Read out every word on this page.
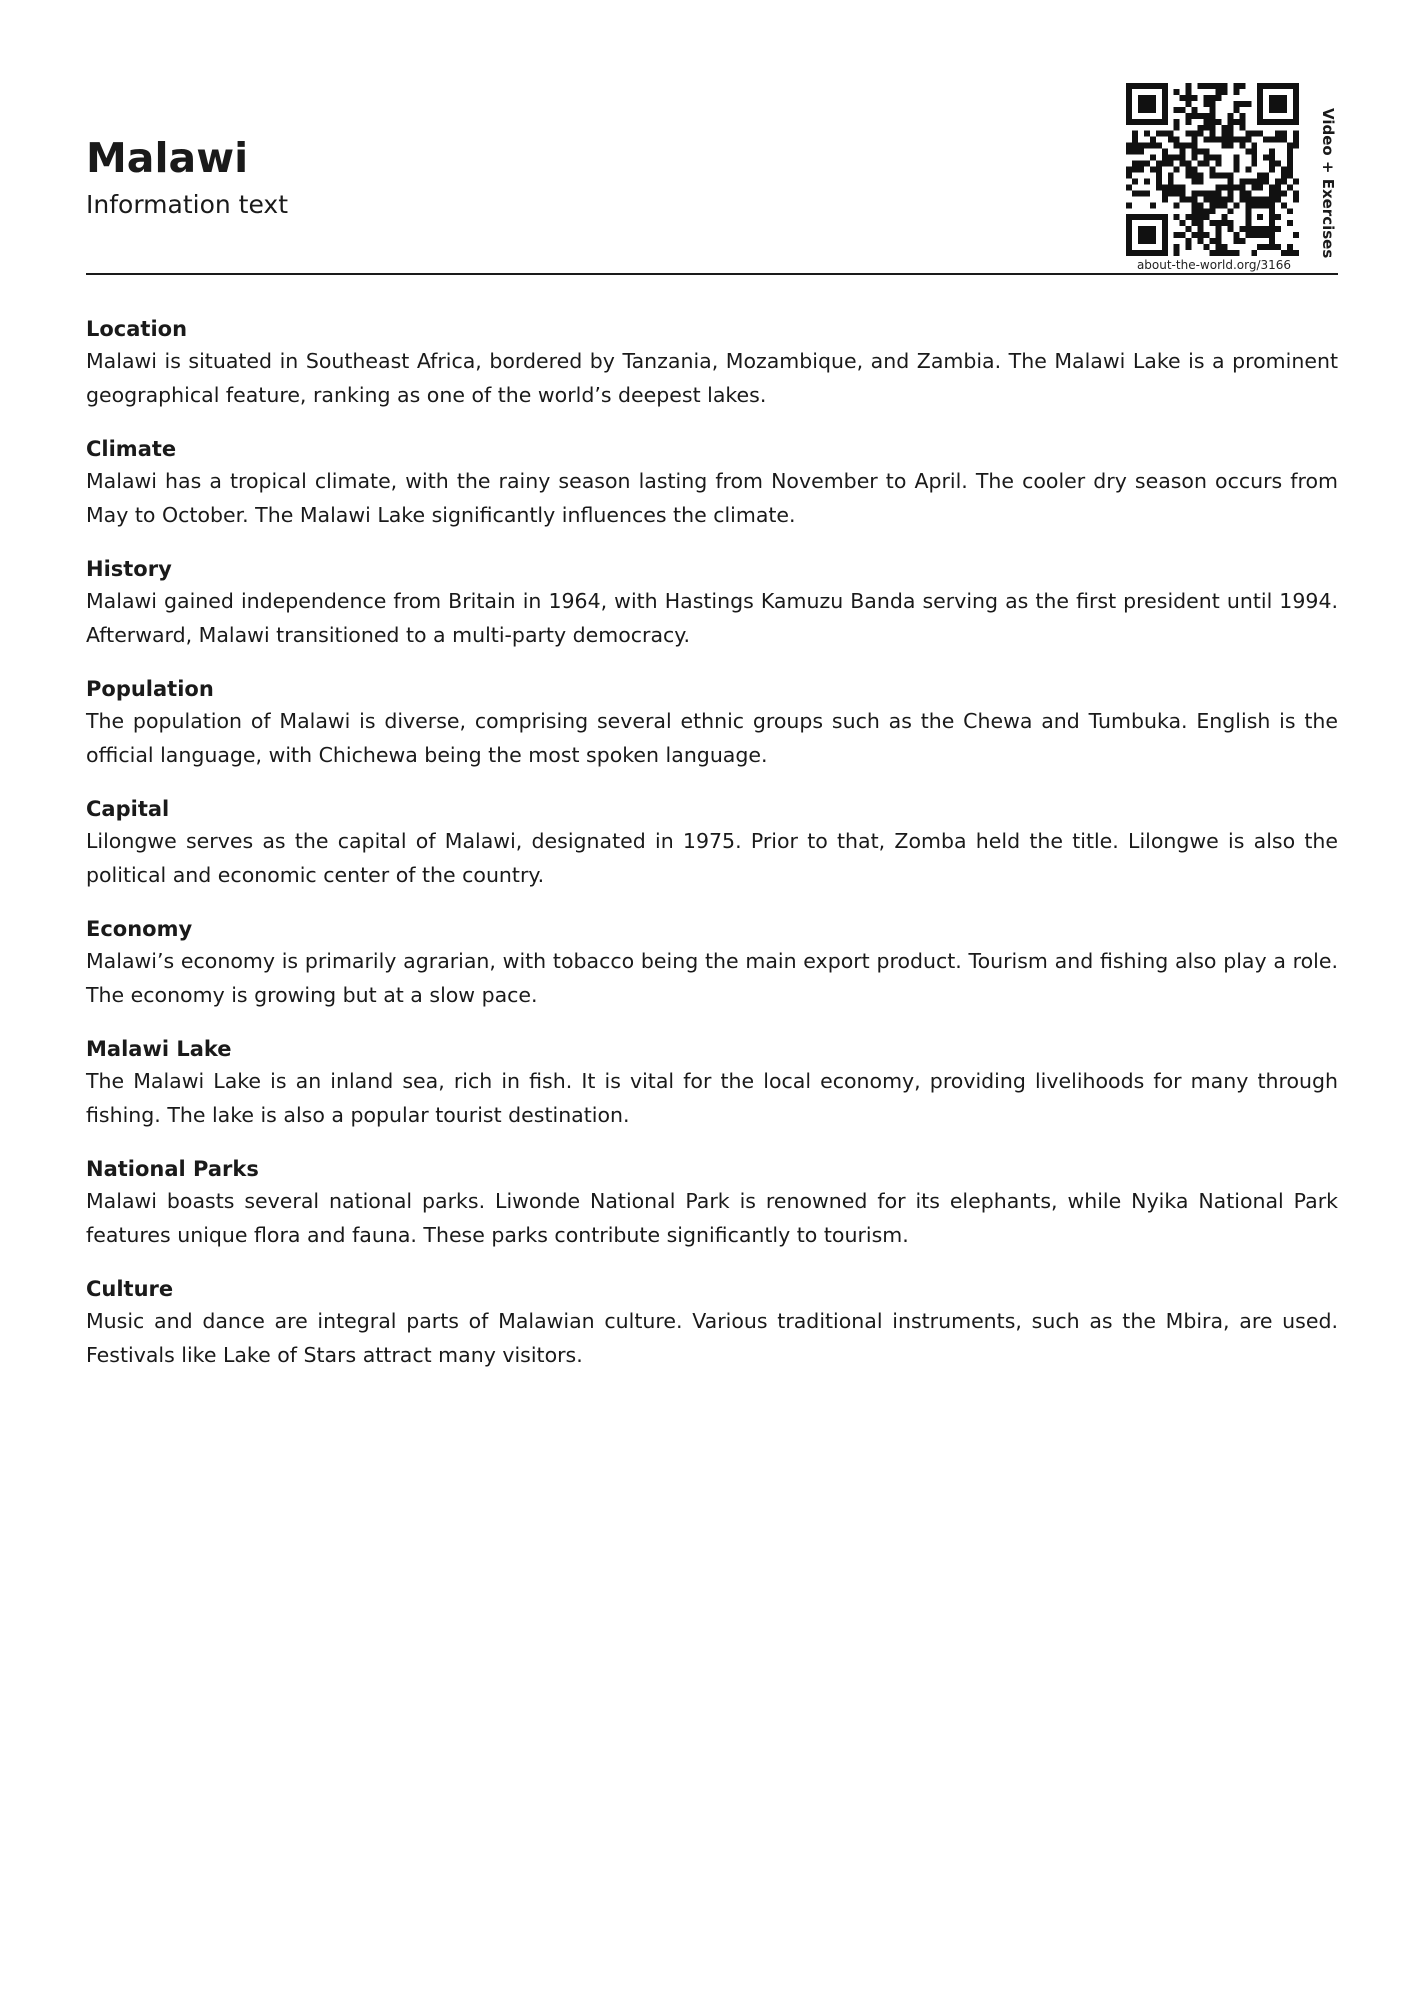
Malawi
Information text	Video + Exercises
about-the-world.org/3166
Location

Malawi is situated in Southeast Africa, bordered by Tanzania, Mozambique, and Zambia. The Malawi Lake is a prominent geographical feature, ranking as one of the world’s deepest lakes.

Climate

Malawi has a tropical climate, with the rainy season lasting from November to April. The cooler dry season occurs from May to October. The Malawi Lake significantly influences the climate.

History

Malawi gained independence from Britain in 1964, with Hastings Kamuzu Banda serving as the first president until 1994. Afterward, Malawi transitioned to a multi-party democracy.

Population

The population of Malawi is diverse, comprising several ethnic groups such as the Chewa and Tumbuka. English is the official language, with Chichewa being the most spoken language.

Capital

Lilongwe serves as the capital of Malawi, designated in 1975. Prior to that, Zomba held the title. Lilongwe is also the political and economic center of the country.

Economy

Malawi’s economy is primarily agrarian, with tobacco being the main export product. Tourism and fishing also play a role. The economy is growing but at a slow pace.

Malawi Lake

The Malawi Lake is an inland sea, rich in fish. It is vital for the local economy, providing livelihoods for many through fishing. The lake is also a popular tourist destination.

National Parks

Malawi boasts several national parks. Liwonde National Park is renowned for its elephants, while Nyika National Park features unique flora and fauna. These parks contribute significantly to tourism.

Culture

Music and dance are integral parts of Malawian culture. Various traditional instruments, such as the Mbira, are used. Festivals like Lake of Stars attract many visitors.
